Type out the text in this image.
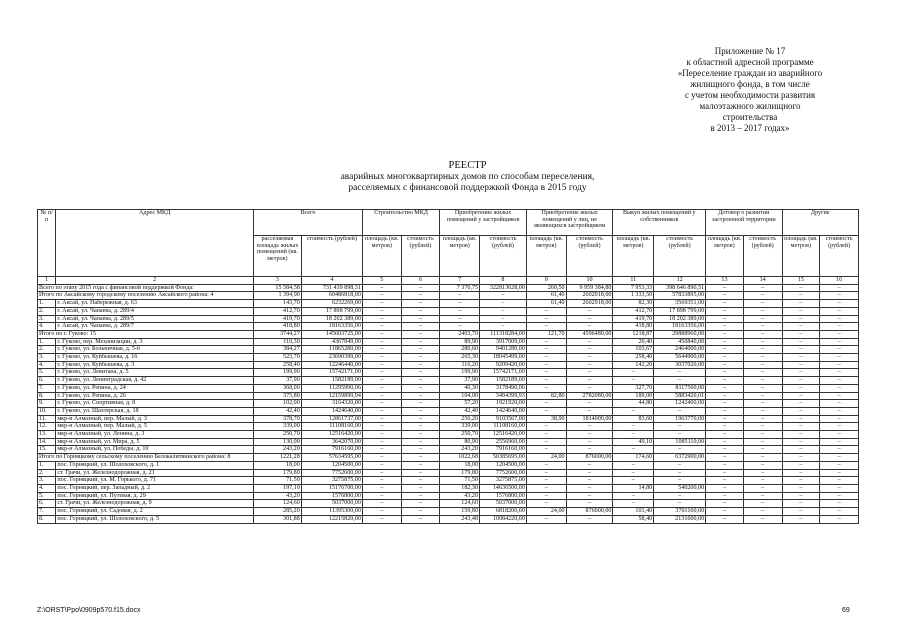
Приложение № 17
к областной адресной программе
«Переселение граждан из аварийного
жилищного фонда, в том числе
с учетом необходимости развития
малоэтажного жилищного
строительства
в 2013 – 2017 годах»
РЕЕСТР
аварийных многоквартирных домов по способам переселения,
расселяемых с финансовой поддержкой Фонда в 2015 году
№ п/п	Адрес МКД	Всего		Строительство МКД		Приобретение жилых помещений у застройщиков		Приобретение жилых помещений у лиц, не являющихся застройщиком		Выкуп жилых помещений у собственников		Договор о развитии застроенной территории		Другие	
		расселяемая площадь жилых помещений (кв. метров)	стоимость (рублей)	площадь (кв. метров)	стоимость (рублей)	площадь (кв. метров)	стоимость (рублей)	площадь (кв. метров)	стоимость (рублей)	площадь (кв. метров)	стоимость (рублей)	площадь (кв. метров)	стоимость (рублей)	площадь (кв. метров)	стоимость (рублей)
1	2	3	4	5	6	7	8	9	10	11	12	13	14	15	16
Всего по этапу 2015 года с финансовой поддержкой Фонда:		15 584,58	731 439 898,31	–	–	7 370,75	322813628,00	260,50	9 959 384,80	7 953,33	398 646 890,51	–	–	–	–
Итого по Аксайскому городскому поселению Аксайского района: 4		1 394,90	60486818,00	–	–	–	–	61,40	2602918,00	1 333,50	57833895,00	–	–	–	–
1.	г. Аксай, ул. Набережная, д. 63	143,70	6232269,00	–	–	–	–	61,40	2602918,00	82,30	3569351,00	–	–	–	–
2.	г. Аксай, ул. Чапаева, д. 289/4	412,70	17 898 799,00	–	–	–	–	–	–	412,70	17 898 799,00	–	–	–	–
3.	г. Аксай, ул. Чапаева, д. 289/5	419,70	18 202 389,00	–	–	–	–	–	–	419,70	18 202 389,00	–	–	–	–
4.	г. Аксай, ул. Чапаева, д. 289/7	418,80	18163356,00	–	–	–	–	–	–	418,80	18163356,00	–	–	–	–
Итого по г. Гуково: 15		3744,27	145603725,00	–	–	2403,70	111318284,00	121,70	4596480,00	1218,87	29888960,00	–	–	–	–
1.	г. Гуково, пер. Механизации, д. 3	110,30	4367849,00	–	–	89,90	3917009,00	–	–	20,40	450840,00	–	–	–	–
2.	г. Гуково, ул. Больничная, д. 5-б	384,27	11865280,00	–	–	280,60	9401280,00	–	–	103,67	2464000,00	–	–	–	–
3.	г. Гуково, ул. Куйбышева, д. 16	523,70	23690399,00	–	–	265,30	18045499,00	–	–	258,40	5644900,00	–	–	–	–
4.	г. Гуково, ул. Куйбышева, д. 3	258,40	12246440,00	–	–	116,20	9209420,00	–	–	142,20	3037020,00	–	–	–	–
5.	г. Гуково, ул. Левитана, д. 5	199,90	15742171,00	–	–	199,90	15742171,00	–	–	–	–	–	–	–	–
6.	г. Гуково, ул. Ленинградская, д. 42	37,90	1582189,00	–	–	37,90	1582189,00	–	–	–	–	–	–	–	–
7.	г. Гуково, ул. Репина, д. 24	368,00	11295990,06	–	–	40,30	3178490,06	–	–	327,70	8117500,00	–	–	–	–
8.	г. Гуково, ул. Репина, д. 26	375,80	12159899,94	–	–	104,00	3494399,93	82,80	2782080,00	189,00	5883420,01	–	–	–	–
9.	г. Гуково, ул. Спортивная, д. 8	102,00	3164320,00	–	–	57,20	1921920,00	–	–	44,80	1242400,00	–	–	–	–
10.	г. Гуково, ул. Шахтерская, д. 18	42,40	1424640,00	–	–	42,40	1424640,00	–	–	–	–	–	–	–	–
11.	мкр-н Алмазный, пер. Малый, д. 3	378,70	12861737,00	–	–	256,20	9103567,00	38,90	1814000,00	83,60	1963770,00	–	–	–	–
12.	мкр-н Алмазный, пер. Малый, д. 5	339,00	11108160,00	–	–	339,00	11108160,00	–	–	–	–	–	–	–	–
13.	мкр-н Алмазный, ул. Ленина, д. 3	250,70	12516420,00	–	–	250,70	12516420,00	–	–	–	–	–	–	–	–
14.	мкр-н Алмазный, ул. Мира, д. 5	130,00	3642070,00	–	–	80,90	2556960,00	–	–	49,10	1085110,00	–	–	–	–
15.	мкр-н Алмазный, ул. Победы, д. 10	243,20	7916160,00	–	–	243,20	7916160,00	–	–	–	–	–	–	–	–
Итого по Горняцкому сельскому поселению Белокалитвинского района: 8		1221,28	57634595,00	–	–	1022,68	50385695,00	24,00	876000,00	174,60	6372900,00	–	–	–	–
1.	пос. Горняцкий, ул. Шолоховского, д. 1	18,00	1204500,00	–	–	18,00	1204500,00	–	–	–	–	–	–	–	–
2.	ст. Грачи, ул. Железнодорожная, д. 21	179,80	7752600,00	–	–	179,80	7752600,00	–	–	–	–	–	–	–	–
3.	пос. Горняцкий, ул. М. Горького, д. 71	71,50	3275875,00	–	–	71,50	3275875,00	–	–	–	–	–	–	–	–
4.	пос. Горняцкий, пер. Западный, д. 2	197,10	15176700,00	–	–	182,30	14636500,00	–	–	14,80	540200,00	–	–	–	–
5.	пос. Горняцкий, ул. Путевая, д. 29	43,20	1576800,00	–	–	43,20	1576800,00	–	–	–	–	–	–	–	–
6.	ст. Грачи, ул. Железнодорожная, д. 9	124,60	5037000,00	–	–	124,60	5037000,00	–	–	–	–	–	–	–	–
7.	пос. Горняцкий, ул. Садовая, д. 2	285,20	11395300,00	–	–	159,80	6818200,00	24,00	876000,00	101,40	3701100,00	–	–	–	–
8.	пос. Горняцкий, ул. Шолоховского, д. 5	301,88	12215820,00	–	–	243,48	10084220,00	–	–	58,40	2131600,00	–	–	–	–
Z:\ORST\Ppo\0909p570.f15.docx	69
